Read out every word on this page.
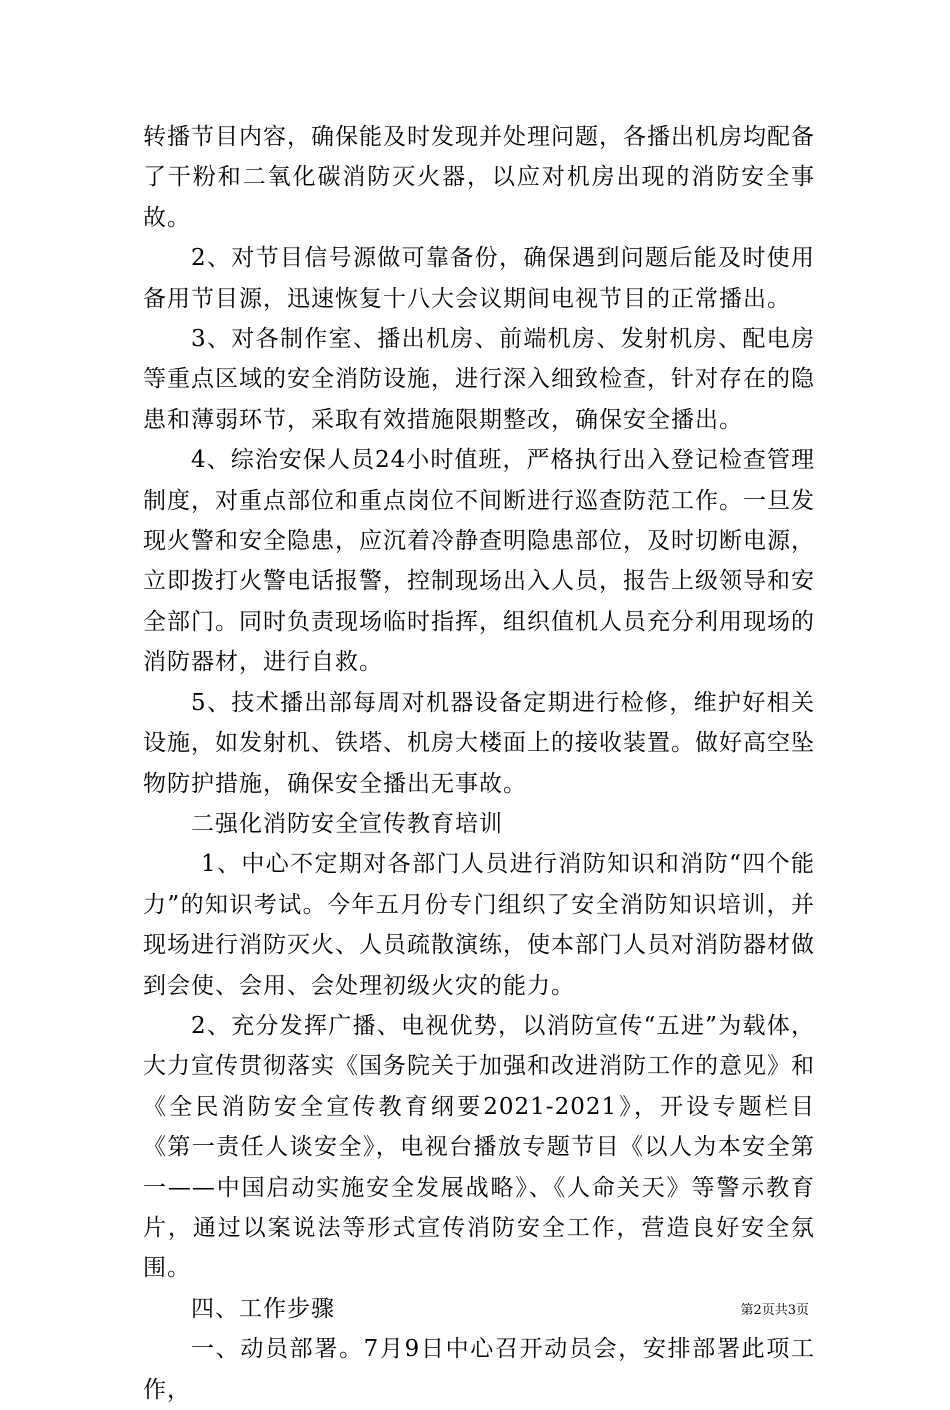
转播节目内容，确保能及时发现并处理问题，各播出机房均配备了干粉和二氧化碳消防灭火器，以应对机房出现的消防安全事故。

2、对节目信号源做可靠备份，确保遇到问题后能及时使用备用节目源，迅速恢复十八大会议期间电视节目的正常播出。

3、对各制作室、播出机房、前端机房、发射机房、配电房等重点区域的安全消防设施，进行深入细致检查，针对存在的隐患和薄弱环节，采取有效措施限期整改，确保安全播出。

4、综治安保人员24小时值班，严格执行出入登记检查管理制度，对重点部位和重点岗位不间断进行巡查防范工作。一旦发现火警和安全隐患，应沉着冷静查明隐患部位，及时切断电源，立即拨打火警电话报警，控制现场出入人员，报告上级领导和安全部门。同时负责现场临时指挥，组织值机人员充分利用现场的消防器材，进行自救。

5、技术播出部每周对机器设备定期进行检修，维护好相关设施，如发射机、铁塔、机房大楼面上的接收装置。做好高空坠物防护措施，确保安全播出无事故。

二强化消防安全宣传教育培训

1、中心不定期对各部门人员进行消防知识和消防“四个能力”的知识考试。今年五月份专门组织了安全消防知识培训，并现场进行消防灭火、人员疏散演练，使本部门人员对消防器材做到会使、会用、会处理初级火灾的能力。

2、充分发挥广播、电视优势，以消防宣传“五进”为载体，大力宣传贯彻落实《国务院关于加强和改进消防工作的意见》和《全民消防安全宣传教育纲要2021-2021》，开设专题栏目《第一责任人谈安全》，电视台播放专题节目《以人为本安全第一——中国启动实施安全发展战略》、《人命关天》等警示教育片，通过以案说法等形式宣传消防安全工作，营造良好安全氛围。

四、工作步骤

一、动员部署。7月9日中心召开动员会，安排部署此项工作，

第2页共3页
